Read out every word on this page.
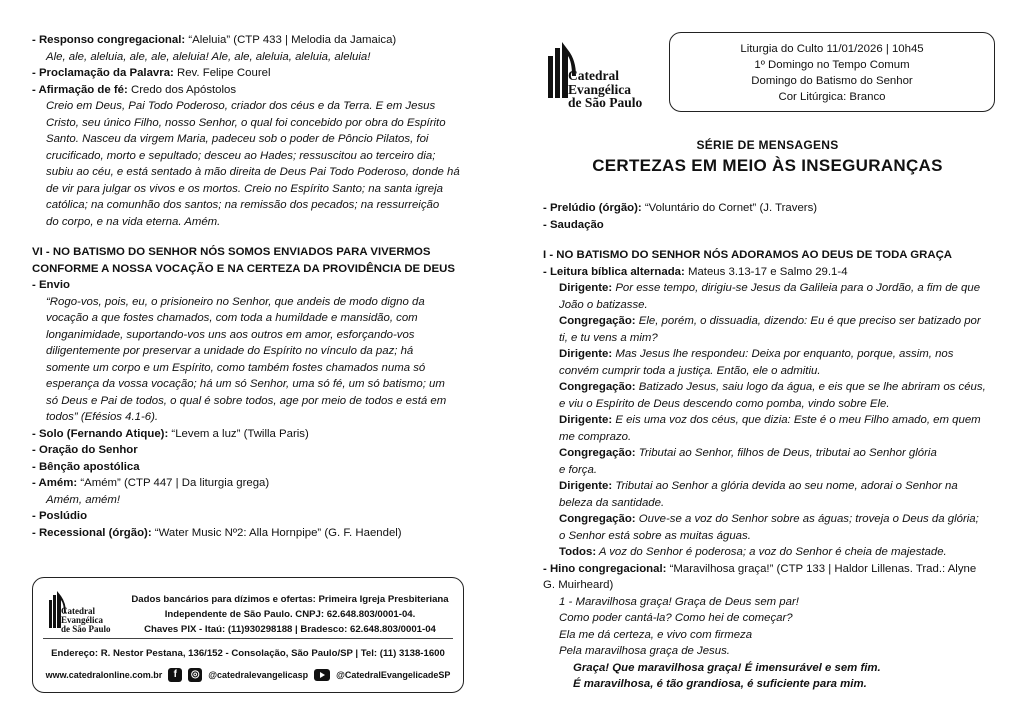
Catedral
Evangélica
de São Paulo
Liturgia do Culto 11/01/2026 | 10h45
1º Domingo no Tempo Comum
Domingo do Batismo do Senhor
Cor Litúrgica: Branco
SÉRIE DE MENSAGENS
CERTEZAS EM MEIO ÀS INSEGURANÇAS

- Responso congregacional: “Aleluia” (CTP 433 | Melodia da Jamaica)

Ale, ale, aleluia, ale, ale, aleluia! Ale, ale, aleluia, aleluia, aleluia!

- Proclamação da Palavra: Rev. Felipe Courel

- Afirmação de fé: Credo dos Apóstolos

Creio em Deus, Pai Todo Poderoso, criador dos céus e da Terra. E em Jesus

Cristo, seu único Filho, nosso Senhor, o qual foi concebido por obra do Espírito

Santo. Nasceu da virgem Maria, padeceu sob o poder de Pôncio Pilatos, foi

crucificado, morto e sepultado; desceu ao Hades; ressuscitou ao terceiro dia;

subiu ao céu, e está sentado à mão direita de Deus Pai Todo Poderoso, donde há

de vir para julgar os vivos e os mortos. Creio no Espírito Santo; na santa igreja

católica; na comunhão dos santos; na remissão dos pecados; na ressurreição

do corpo, e na vida eterna. Amém.

VI - NO BATISMO DO SENHOR NÓS SOMOS ENVIADOS PARA VIVERMOS

CONFORME A NOSSA VOCAÇÃO E NA CERTEZA DA PROVIDÊNCIA DE DEUS

- Envio

“Rogo-vos, pois, eu, o prisioneiro no Senhor, que andeis de modo digno da

vocação a que fostes chamados, com toda a humildade e mansidão, com

longanimidade, suportando-vos uns aos outros em amor, esforçando-vos

diligentemente por preservar a unidade do Espírito no vínculo da paz; há

somente um corpo e um Espírito, como também fostes chamados numa só

esperança da vossa vocação; há um só Senhor, uma só fé, um só batismo; um

só Deus e Pai de todos, o qual é sobre todos, age por meio de todos e está em

todos” (Efésios 4.1-6).

- Solo (Fernando Atique): “Levem a luz” (Twilla Paris)

- Oração do Senhor

- Bênção apostólica

- Amém: “Amém” (CTP 447 | Da liturgia grega)

Amém, amém!

- Poslúdio

- Recessional (órgão): “Water Music Nº2: Alla Hornpipe” (G. F. Haendel)

- Prelúdio (órgão): “Voluntário do Cornet” (J. Travers)

- Saudação

I - NO BATISMO DO SENHOR NÓS ADORAMOS AO DEUS DE TODA GRAÇA

- Leitura bíblica alternada: Mateus 3.13-17 e Salmo 29.1-4

Dirigente: Por esse tempo, dirigiu-se Jesus da Galileia para o Jordão, a fim de que

João o batizasse.

Congregação: Ele, porém, o dissuadia, dizendo: Eu é que preciso ser batizado por

ti, e tu vens a mim?

Dirigente: Mas Jesus lhe respondeu: Deixa por enquanto, porque, assim, nos

convém cumprir toda a justiça. Então, ele o admitiu.

Congregação: Batizado Jesus, saiu logo da água, e eis que se lhe abriram os céus,

e viu o Espírito de Deus descendo como pomba, vindo sobre Ele.

Dirigente: E eis uma voz dos céus, que dizia: Este é o meu Filho amado, em quem

me comprazo.

Congregação: Tributai ao Senhor, filhos de Deus, tributai ao Senhor glória

e força.

Dirigente: Tributai ao Senhor a glória devida ao seu nome, adorai o Senhor na

beleza da santidade.

Congregação: Ouve-se a voz do Senhor sobre as águas; troveja o Deus da glória;

o Senhor está sobre as muitas águas.

Todos: A voz do Senhor é poderosa; a voz do Senhor é cheia de majestade.

- Hino congregacional: “Maravilhosa graça!” (CTP 133 | Haldor Lillenas. Trad.: Alyne

G. Muirheard)

1 - Maravilhosa graça! Graça de Deus sem par!

Como poder cantá-la? Como hei de começar?

Ela me dá certeza, e vivo com firmeza

Pela maravilhosa graça de Jesus.

Graça! Que maravilhosa graça! É imensurável e sem fim.

É maravilhosa, é tão grandiosa, é suficiente para mim.

Catedral
Evangélica
de São Paulo
Dados bancários para dízimos e ofertas: Primeira Igreja Presbiteriana
Independente de São Paulo. CNPJ: 62.648.803/0001-04.
Chaves PIX - Itaú: (11)930298188 | Bradesco: 62.648.803/0001-04
Endereço: R. Nestor Pestana, 136/152 - Consolação, São Paulo/SP | Tel: (11) 3138-1600
www.catedralonline.com.br	f	◎ @catedralevangelicasp	@CatedralEvangelicadeSP
